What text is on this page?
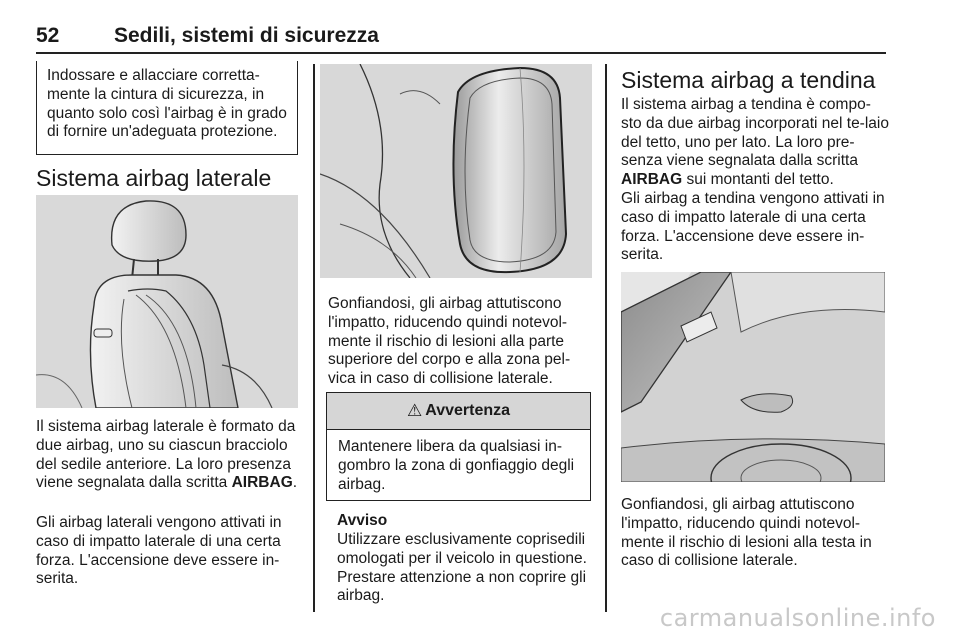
52	Sedili, sistemi di sicurezza
Indossare e allacciare corretta-mente la cintura di sicurezza, in quanto solo così l'airbag è in grado di fornire un'adeguata protezione.
Sistema airbag laterale
Il sistema airbag laterale è formato da due airbag, uno su ciascun bracciolo del sedile anteriore. La loro presenza viene segnalata dalla scritta AIRBAG.
Gli airbag laterali vengono attivati in caso di impatto laterale di una certa forza. L'accensione deve essere in-serita.
Gonfiandosi, gli airbag attutiscono l'impatto, riducendo quindi notevol-mente il rischio di lesioni alla parte superiore del corpo e alla zona pel-vica in caso di collisione laterale.
⚠ Avvertenza
Mantenere libera da qualsiasi in-gombro la zona di gonfiaggio degli airbag.
Avviso
Utilizzare esclusivamente coprisedili omologati per il veicolo in questione. Prestare attenzione a non coprire gli airbag.
Sistema airbag a tendina
Il sistema airbag a tendina è compo-sto da due airbag incorporati nel te-laio del tetto, uno per lato. La loro pre-senza viene segnalata dalla scritta AIRBAG sui montanti del tetto.
Gli airbag a tendina vengono attivati in caso di impatto laterale di una certa forza. L'accensione deve essere in-serita.
Gonfiandosi, gli airbag attutiscono l'impatto, riducendo quindi notevol-mente il rischio di lesioni alla testa in caso di collisione laterale.
carmanualsonline.info
